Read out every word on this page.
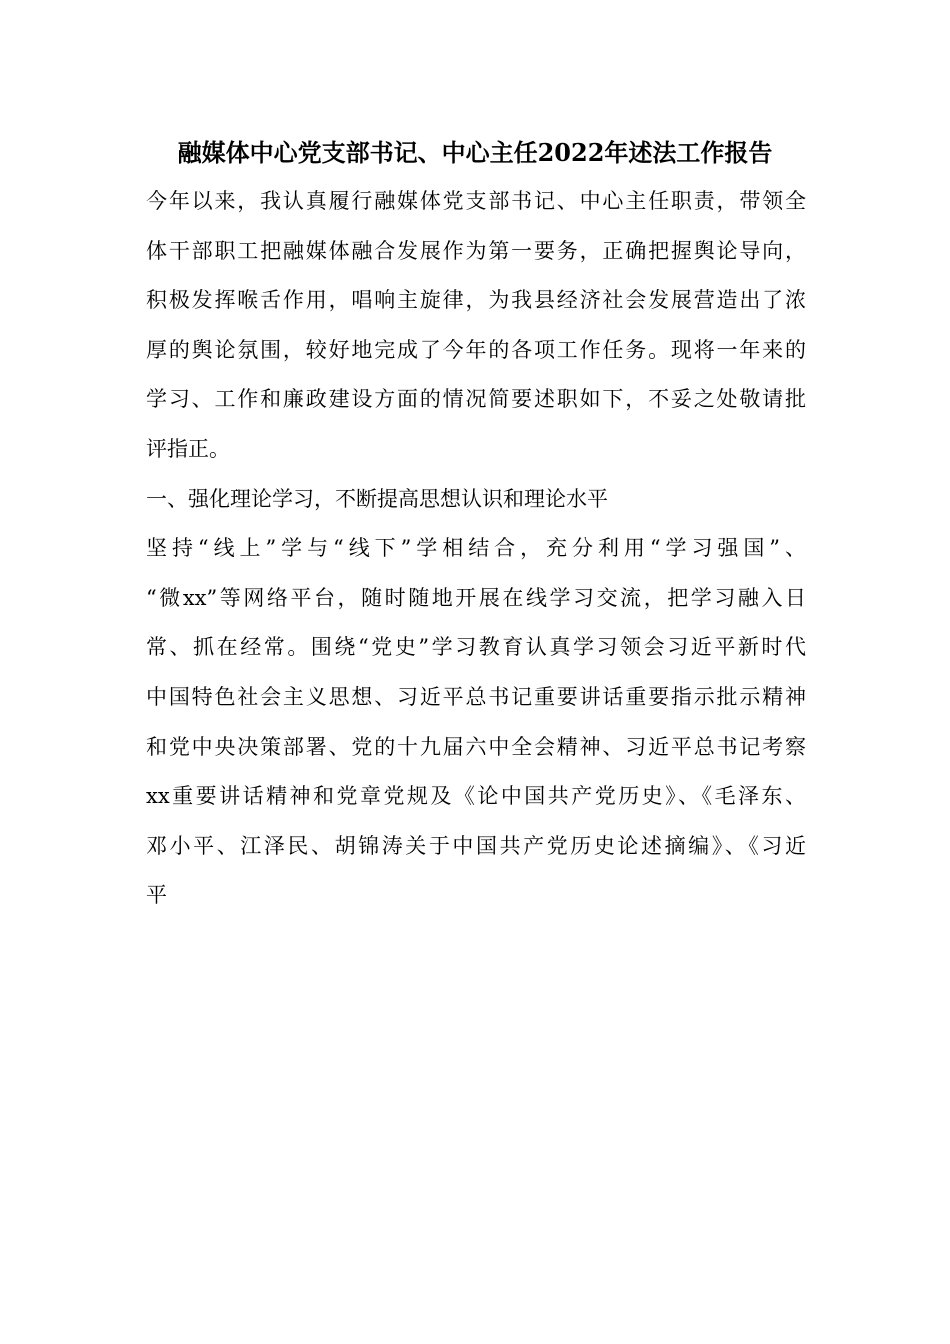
融媒体中心党支部书记、中心主任2022年述法工作报告
今年以来，我认真履行融媒体党支部书记、中心主任职责，带领全
体干部职工把融媒体融合发展作为第一要务，正确把握舆论导向，
积极发挥喉舌作用，唱响主旋律，为我县经济社会发展营造出了浓
厚的舆论氛围，较好地完成了今年的各项工作任务。现将一年来的
学习、工作和廉政建设方面的情况简要述职如下，不妥之处敬请批
评指正。
一、强化理论学习，不断提高思想认识和理论水平
坚持“线上”学与“线下”学相结合，充分利用“学习强国”、
“微xx”等网络平台，随时随地开展在线学习交流，把学习融入日
常、抓在经常。围绕“党史”学习教育认真学习领会习近平新时代
中国特色社会主义思想、习近平总书记重要讲话重要指示批示精神
和党中央决策部署、党的十九届六中全会精神、习近平总书记考察
xx重要讲话精神和党章党规及《论中国共产党历史》、《毛泽东、
邓小平、江泽民、胡锦涛关于中国共产党历史论述摘编》、《习近
平
